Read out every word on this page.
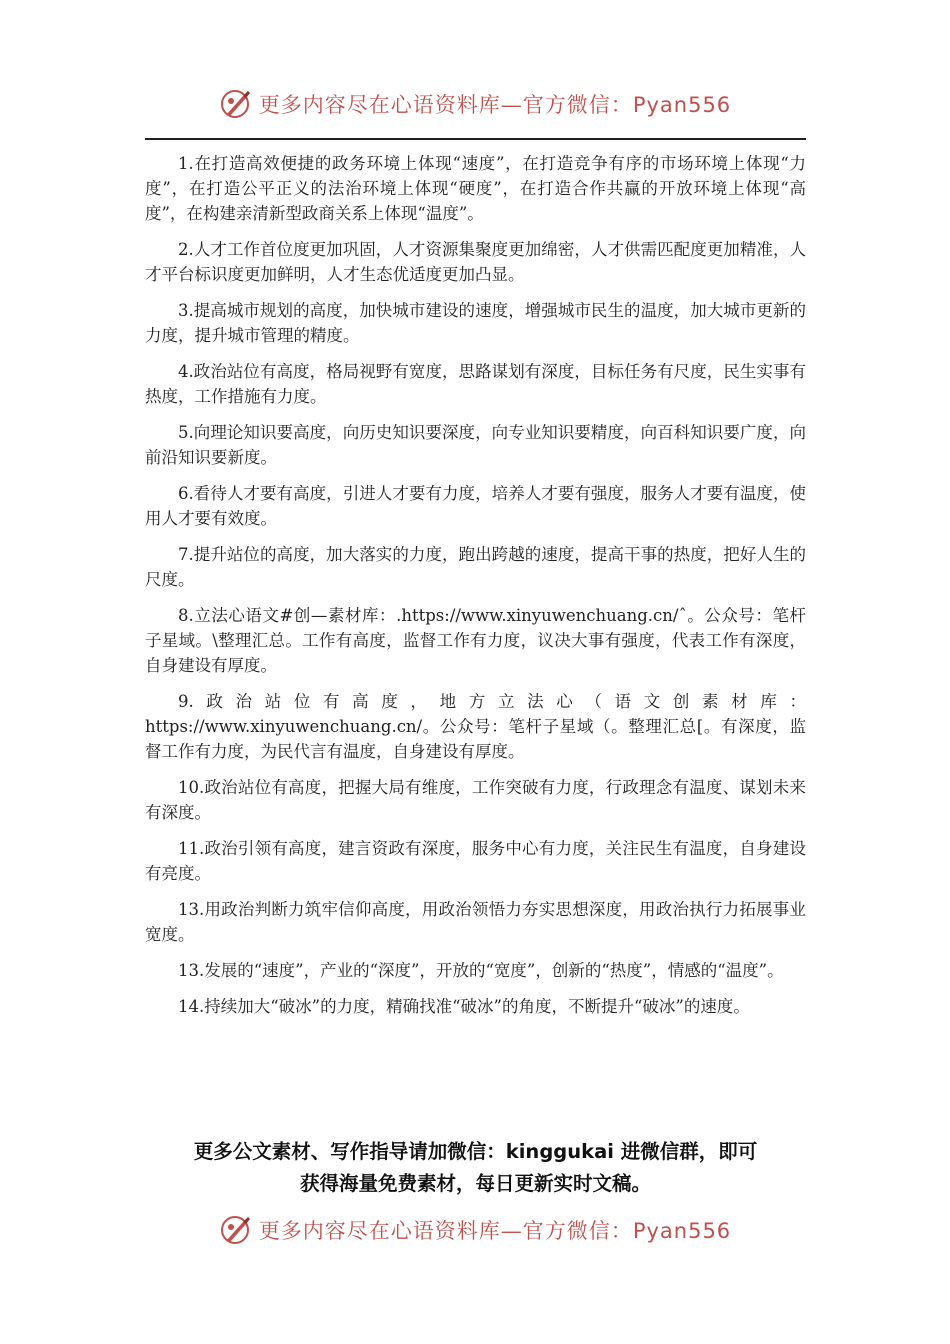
更多内容尽在心语资料库—官方微信：Pyan556

1.在打造高效便捷的政务环境上体现“速度”，在打造竞争有序的市场环境上体现“力度”，在打造公平正义的法治环境上体现“硬度”，在打造合作共赢的开放环境上体现“高度”，在构建亲清新型政商关系上体现“温度”。

2.人才工作首位度更加巩固，人才资源集聚度更加绵密，人才供需匹配度更加精准，人才平台标识度更加鲜明，人才生态优适度更加凸显。

3.提高城市规划的高度，加快城市建设的速度，增强城市民生的温度，加大城市更新的力度，提升城市管理的精度。

4.政治站位有高度，格局视野有宽度，思路谋划有深度，目标任务有尺度，民生实事有热度，工作措施有力度。

5.向理论知识要高度，向历史知识要深度，向专业知识要精度，向百科知识要广度，向前沿知识要新度。

6.看待人才要有高度，引进人才要有力度，培养人才要有强度，服务人才要有温度，使用人才要有效度。

7.提升站位的高度，加大落实的力度，跑出跨越的速度，提高干事的热度，把好人生的尺度。

8.立法心语文#创—素材库：.https://www.xinyuwenchuang.cn/ˆ。公众号：笔杆子星域。\整理汇总。工作有高度，监督工作有力度，议决大事有强度，代表工作有深度，自身建设有厚度。

9.政治站位有高度，地方立法心（语文创素材库：https://www.xinyuwenchuang.cn/。公众号：笔杆子星域（。整理汇总[。有深度，监督工作有力度，为民代言有温度，自身建设有厚度。

10.政治站位有高度，把握大局有维度，工作突破有力度，行政理念有温度、谋划未来有深度。

11.政治引领有高度，建言资政有深度，服务中心有力度，关注民生有温度，自身建设有亮度。

13.用政治判断力筑牢信仰高度，用政治领悟力夯实思想深度，用政治执行力拓展事业宽度。

13.发展的“速度”，产业的“深度”，开放的“宽度”，创新的“热度”，情感的“温度”。

14.持续加大“破冰”的力度，精确找准“破冰”的角度，不断提升“破冰”的速度。

更多公文素材、写作指导请加微信：kinggukai 进微信群，即可
获得海量免费素材，每日更新实时文稿。
更多内容尽在心语资料库—官方微信：Pyan556
